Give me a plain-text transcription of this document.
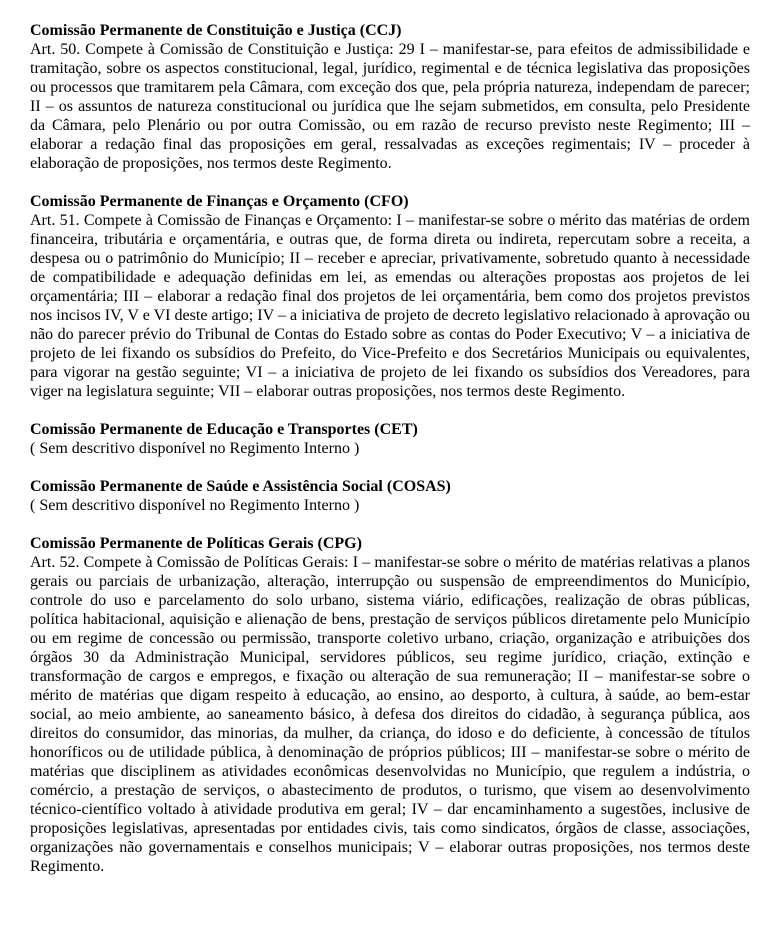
Comissão Permanente de Constituição e Justiça (CCJ)

Art. 50. Compete à Comissão de Constituição e Justiça: 29 I – manifestar-se, para efeitos de admissibilidade e tramitação, sobre os aspectos constitucional, legal, jurídico, regimental e de técnica legislativa das proposições ou processos que tramitarem pela Câmara, com exceção dos que, pela própria natureza, independam de parecer; II – os assuntos de natureza constitucional ou jurídica que lhe sejam submetidos, em consulta, pelo Presidente da Câmara, pelo Plenário ou por outra Comissão, ou em razão de recurso previsto neste Regimento; III – elaborar a redação final das proposições em geral, ressalvadas as exceções regimentais; IV – proceder à elaboração de proposições, nos termos deste Regimento.

Comissão Permanente de Finanças e Orçamento (CFO)

Art. 51. Compete à Comissão de Finanças e Orçamento: I – manifestar-se sobre o mérito das matérias de ordem financeira, tributária e orçamentária, e outras que, de forma direta ou indireta, repercutam sobre a receita, a despesa ou o patrimônio do Município; II – receber e apreciar, privativamente, sobretudo quanto à necessidade de compatibilidade e adequação definidas em lei, as emendas ou alterações propostas aos projetos de lei orçamentária; III – elaborar a redação final dos projetos de lei orçamentária, bem como dos projetos previstos nos incisos IV, V e VI deste artigo; IV – a iniciativa de projeto de decreto legislativo relacionado à aprovação ou não do parecer prévio do Tribunal de Contas do Estado sobre as contas do Poder Executivo; V – a iniciativa de projeto de lei fixando os subsídios do Prefeito, do Vice-Prefeito e dos Secretários Municipais ou equivalentes, para vigorar na gestão seguinte; VI – a iniciativa de projeto de lei fixando os subsídios dos Vereadores, para viger na legislatura seguinte; VII – elaborar outras proposições, nos termos deste Regimento.

Comissão Permanente de Educação e Transportes (CET)

( Sem descritivo disponível no Regimento Interno )

Comissão Permanente de Saúde e Assistência Social (COSAS)

( Sem descritivo disponível no Regimento Interno )

Comissão Permanente de Políticas Gerais (CPG)

Art. 52. Compete à Comissão de Políticas Gerais: I – manifestar-se sobre o mérito de matérias relativas a planos gerais ou parciais de urbanização, alteração, interrupção ou suspensão de empreendimentos do Município, controle do uso e parcelamento do solo urbano, sistema viário, edificações, realização de obras públicas, política habitacional, aquisição e alienação de bens, prestação de serviços públicos diretamente pelo Município ou em regime de concessão ou permissão, transporte coletivo urbano, criação, organização e atribuições dos órgãos 30 da Administração Municipal, servidores públicos, seu regime jurídico, criação, extinção e transformação de cargos e empregos, e fixação ou alteração de sua remuneração; II – manifestar-se sobre o mérito de matérias que digam respeito à educação, ao ensino, ao desporto, à cultura, à saúde, ao bem-estar social, ao meio ambiente, ao saneamento básico, à defesa dos direitos do cidadão, à segurança pública, aos direitos do consumidor, das minorias, da mulher, da criança, do idoso e do deficiente, à concessão de títulos honoríficos ou de utilidade pública, à denominação de próprios públicos; III – manifestar-se sobre o mérito de matérias que disciplinem as atividades econômicas desenvolvidas no Município, que regulem a indústria, o comércio, a prestação de serviços, o abastecimento de produtos, o turismo, que visem ao desenvolvimento técnico-científico voltado à atividade produtiva em geral; IV – dar encaminhamento a sugestões, inclusive de proposições legislativas, apresentadas por entidades civis, tais como sindicatos, órgãos de classe, associações, organizações não governamentais e conselhos municipais; V – elaborar outras proposições, nos termos deste Regimento.
